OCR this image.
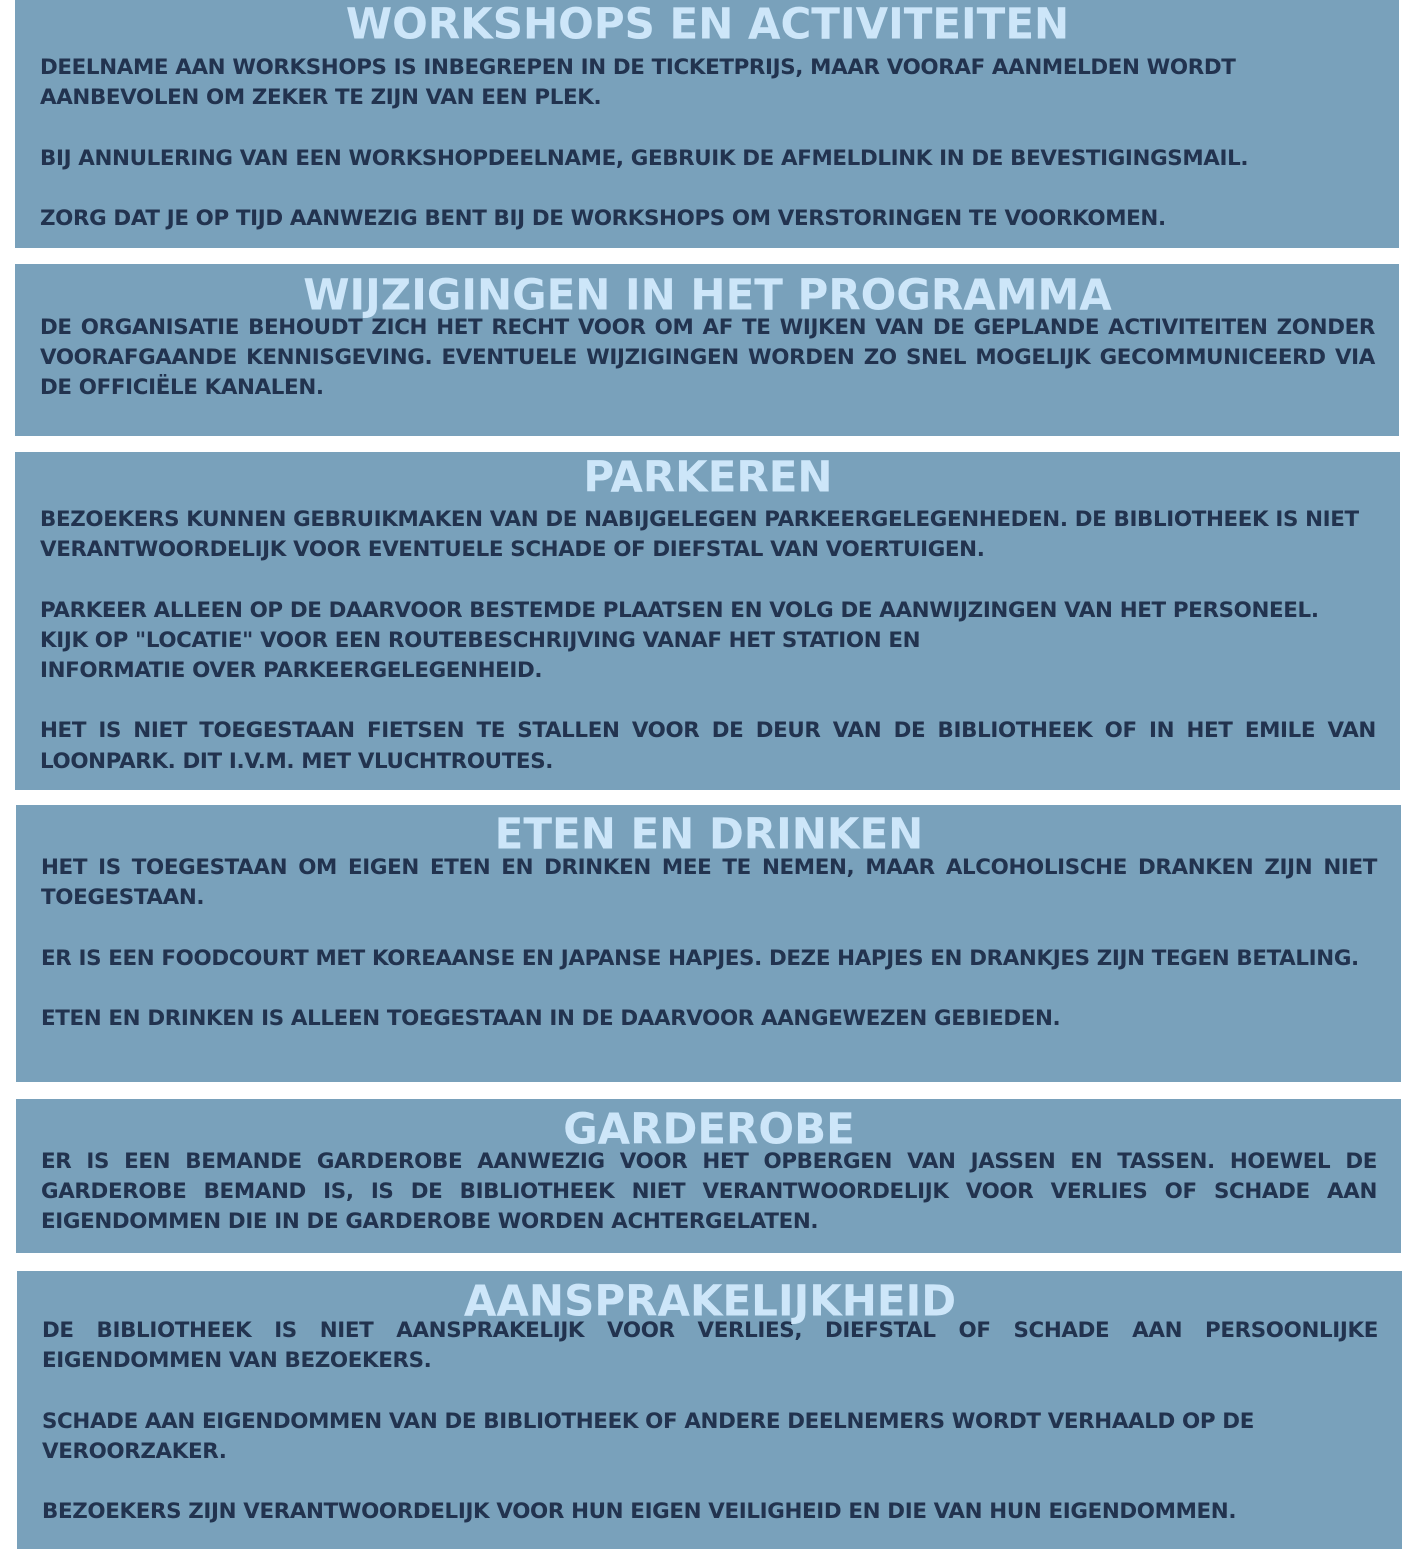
WORKSHOPS EN ACTIVITEITEN

DEELNAME AAN WORKSHOPS IS INBEGREPEN IN DE TICKETPRIJS, MAAR VOORAF AANMELDEN WORDT AANBEVOLEN OM ZEKER TE ZIJN VAN EEN PLEK.

BIJ ANNULERING VAN EEN WORKSHOPDEELNAME, GEBRUIK DE AFMELDLINK IN DE BEVESTIGINGSMAIL.

ZORG DAT JE OP TIJD AANWEZIG BENT BIJ DE WORKSHOPS OM VERSTORINGEN TE VOORKOMEN.

WIJZIGINGEN IN HET PROGRAMMA

DE ORGANISATIE BEHOUDT ZICH HET RECHT VOOR OM AF TE WIJKEN VAN DE GEPLANDE ACTIVITEITEN ZONDER VOORAFGAANDE KENNISGEVING. EVENTUELE WIJZIGINGEN WORDEN ZO SNEL MOGELIJK GECOMMUNICEERD VIA DE OFFICIËLE KANALEN.

PARKEREN

BEZOEKERS KUNNEN GEBRUIKMAKEN VAN DE NABIJGELEGEN PARKEERGELEGENHEDEN. DE BIBLIOTHEEK IS NIET VERANTWOORDELIJK VOOR EVENTUELE SCHADE OF DIEFSTAL VAN VOERTUIGEN.

PARKEER ALLEEN OP DE DAARVOOR BESTEMDE PLAATSEN EN VOLG DE AANWIJZINGEN VAN HET PERSONEEL.
KIJK OP "LOCATIE" VOOR EEN ROUTEBESCHRIJVING VANAF HET STATION EN
INFORMATIE OVER PARKEERGELEGENHEID.

HET IS NIET TOEGESTAAN FIETSEN TE STALLEN VOOR DE DEUR VAN DE BIBLIOTHEEK OF IN HET EMILE VAN LOONPARK. DIT I.V.M. MET VLUCHTROUTES.

ETEN EN DRINKEN

HET IS TOEGESTAAN OM EIGEN ETEN EN DRINKEN MEE TE NEMEN, MAAR ALCOHOLISCHE DRANKEN ZIJN NIET TOEGESTAAN.

ER IS EEN FOODCOURT MET KOREAANSE EN JAPANSE HAPJES. DEZE HAPJES EN DRANKJES ZIJN TEGEN BETALING.

ETEN EN DRINKEN IS ALLEEN TOEGESTAAN IN DE DAARVOOR AANGEWEZEN GEBIEDEN.

GARDEROBE

ER IS EEN BEMANDE GARDEROBE AANWEZIG VOOR HET OPBERGEN VAN JASSEN EN TASSEN. HOEWEL DE GARDEROBE BEMAND IS, IS DE BIBLIOTHEEK NIET VERANTWOORDELIJK VOOR VERLIES OF SCHADE AAN EIGENDOMMEN DIE IN DE GARDEROBE WORDEN ACHTERGELATEN.

AANSPRAKELIJKHEID

DE BIBLIOTHEEK IS NIET AANSPRAKELIJK VOOR VERLIES, DIEFSTAL OF SCHADE AAN PERSOONLIJKE EIGENDOMMEN VAN BEZOEKERS.

SCHADE AAN EIGENDOMMEN VAN DE BIBLIOTHEEK OF ANDERE DEELNEMERS WORDT VERHAALD OP DE VEROORZAKER.

BEZOEKERS ZIJN VERANTWOORDELIJK VOOR HUN EIGEN VEILIGHEID EN DIE VAN HUN EIGENDOMMEN.
